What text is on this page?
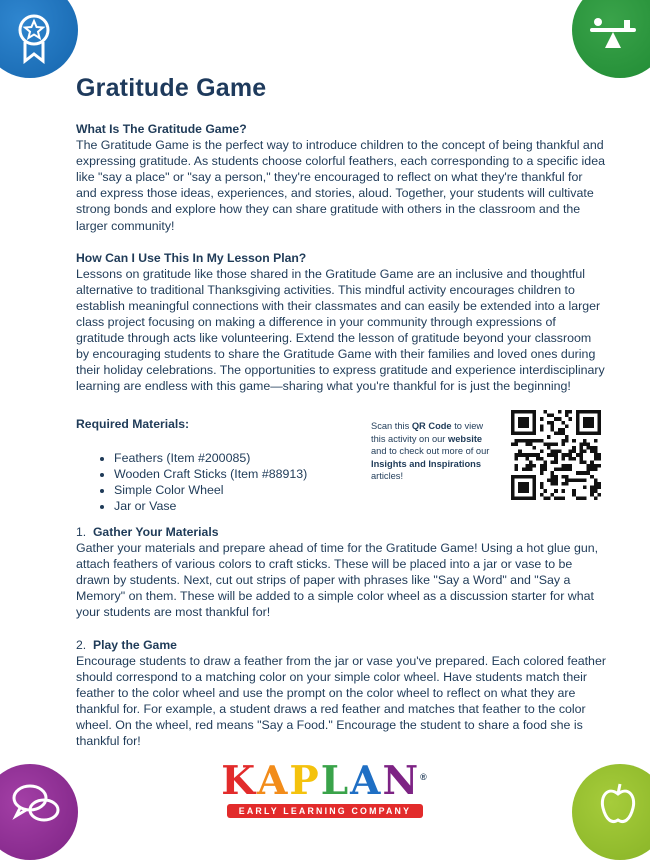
Gratitude Game
What Is The Gratitude Game?

The Gratitude Game is the perfect way to introduce children to the concept of being thankful and expressing gratitude. As students choose colorful feathers, each corresponding to a specific idea like "say a place" or "say a person," they're encouraged to reflect on what they're thankful for and express those ideas, experiences, and stories, aloud. Together, your students will cultivate strong bonds and explore how they can share gratitude with others in the classroom and the larger community!

How Can I Use This In My Lesson Plan?

Lessons on gratitude like those shared in the Gratitude Game are an inclusive and thoughtful alternative to traditional Thanksgiving activities. This mindful activity encourages children to establish meaningful connections with their classmates and can easily be extended into a larger class project focusing on making a difference in your community through expressions of gratitude through acts like volunteering. Extend the lesson of gratitude beyond your classroom by encouraging students to share the Gratitude Game with their families and loved ones during their holiday celebrations. The opportunities to express gratitude and experience interdisciplinary learning are endless with this game—sharing what you're thankful for is just the beginning!

Required Materials:
• Feathers (Item #200085)
• Wooden Craft Sticks (Item #88913)
• Simple Color Wheel
• Jar or Vase
Scan this QR Code to view this activity on our website and to check out more of our Insights and Inspirations articles!
1. Gather Your Materials

Gather your materials and prepare ahead of time for the Gratitude Game! Using a hot glue gun, attach feathers of various colors to craft sticks. These will be placed into a jar or vase to be drawn by students. Next, cut out strips of paper with phrases like "Say a Word" and "Say a Memory" on them. These will be added to a simple color wheel as a discussion starter for what your students are most thankful for!

2. Play the Game

Encourage students to draw a feather from the jar or vase you've prepared. Each colored feather should correspond to a matching color on your simple color wheel. Have students match their feather to the color wheel and use the prompt on the color wheel to reflect on what they are thankful for. For example, a student draws a red feather and matches that feather to the color wheel. On the wheel, red means "Say a Food." Encourage the student to share a food she is thankful for!

KAPLAN®
EARLY LEARNING COMPANY
